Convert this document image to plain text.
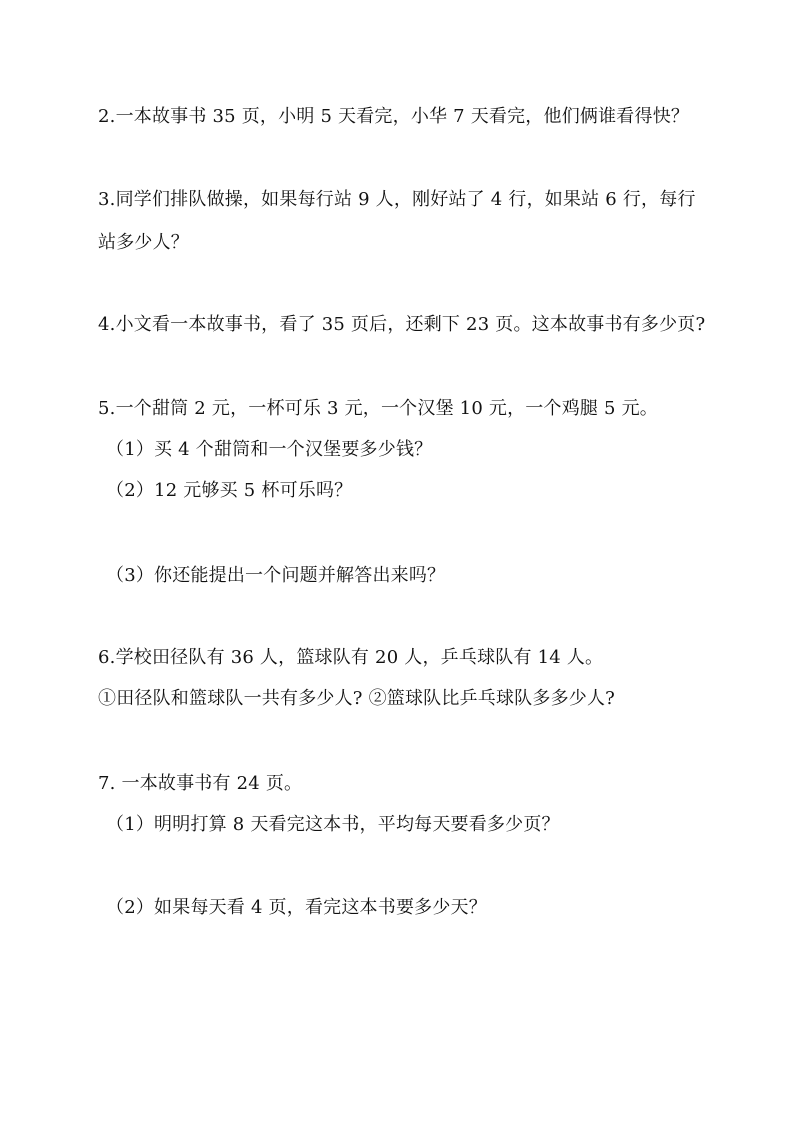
2.一本故事书 35 页，小明 5 天看完，小华 7 天看完，他们俩谁看得快？
3.同学们排队做操，如果每行站 9 人，刚好站了 4 行，如果站 6 行，每行
站多少人？
4.小文看一本故事书，看了 35 页后，还剩下 23 页。这本故事书有多少页?
5.一个甜筒 2 元，一杯可乐 3 元，一个汉堡 10 元，一个鸡腿 5 元。
（1）买 4 个甜筒和一个汉堡要多少钱？
（2）12 元够买 5 杯可乐吗？
（3）你还能提出一个问题并解答出来吗？
6.学校田径队有 36 人，篮球队有 20 人，乒乓球队有 14 人。
①田径队和篮球队一共有多少人? ②篮球队比乒乓球队多多少人?
7. 一本故事书有 24 页。
（1）明明打算 8 天看完这本书，平均每天要看多少页？
（2）如果每天看 4 页，看完这本书要多少天？
